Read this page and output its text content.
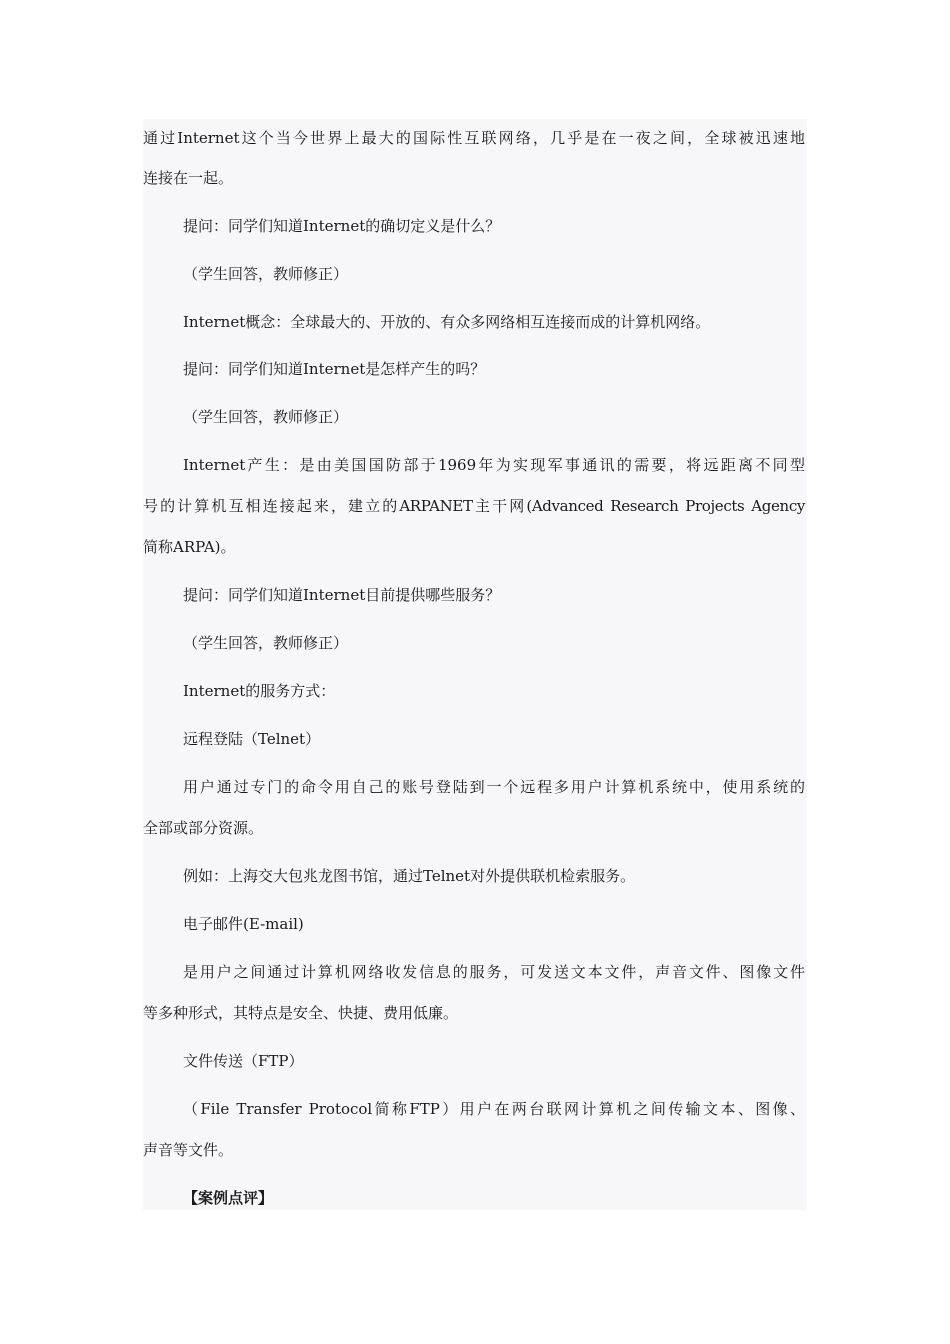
通过Internet这个当今世界上最大的国际性互联网络，几乎是在一夜之间，全球被迅速地
连接在一起。
提问：同学们知道Internet的确切定义是什么？
（学生回答，教师修正）
Internet概念：全球最大的、开放的、有众多网络相互连接而成的计算机网络。
提问：同学们知道Internet是怎样产生的吗？
（学生回答，教师修正）
Internet产生：是由美国国防部于1969年为实现军事通讯的需要，将远距离不同型
号的计算机互相连接起来，建立的ARPANET主干网(Advanced Research Projects Agency
简称ARPA)。
提问：同学们知道Internet目前提供哪些服务？
（学生回答，教师修正）
Internet的服务方式：
远程登陆（Telnet）
用户通过专门的命令用自己的账号登陆到一个远程多用户计算机系统中，使用系统的
全部或部分资源。
例如：上海交大包兆龙图书馆，通过Telnet对外提供联机检索服务。
电子邮件(E-mail)
是用户之间通过计算机网络收发信息的服务，可发送文本文件，声音文件、图像文件
等多种形式，其特点是安全、快捷、费用低廉。
文件传送（FTP）
（File Transfer Protocol简称FTP）用户在两台联网计算机之间传输文本、图像、
声音等文件。
【案例点评】
